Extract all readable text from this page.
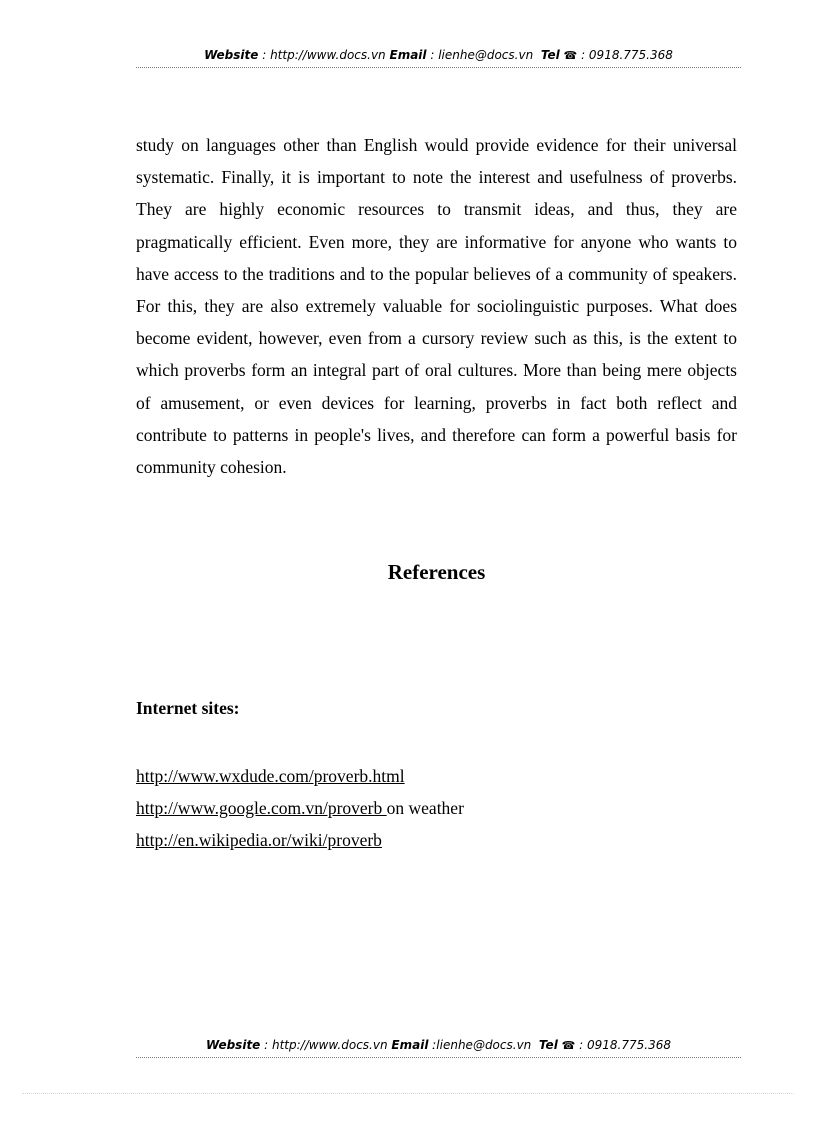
Website : http://www.docs.vn Email : lienhe@docs.vn Tel ☎ : 0918.775.368

study on languages other than English would provide evidence for their universal systematic. Finally, it is important to note the interest and usefulness of proverbs. They are highly economic resources to transmit ideas, and thus, they are pragmatically efficient. Even more, they are informative for anyone who wants to have access to the traditions and to the popular believes of a community of speakers. For this, they are also extremely valuable for sociolinguistic purposes. What does become evident, however, even from a cursory review such as this, is the extent to which proverbs form an integral part of oral cultures. More than being mere objects of amusement, or even devices for learning, proverbs in fact both reflect and contribute to patterns in people's lives, and therefore can form a powerful basis for community cohesion.

References

Internet sites:

http://www.wxdude.com/proverb.html
http://www.google.com.vn/proverb on weather
http://en.wikipedia.or/wiki/proverb
Website : http://www.docs.vn Email ːlienhe@docs.vn Tel ☎ : 0918.775.368
